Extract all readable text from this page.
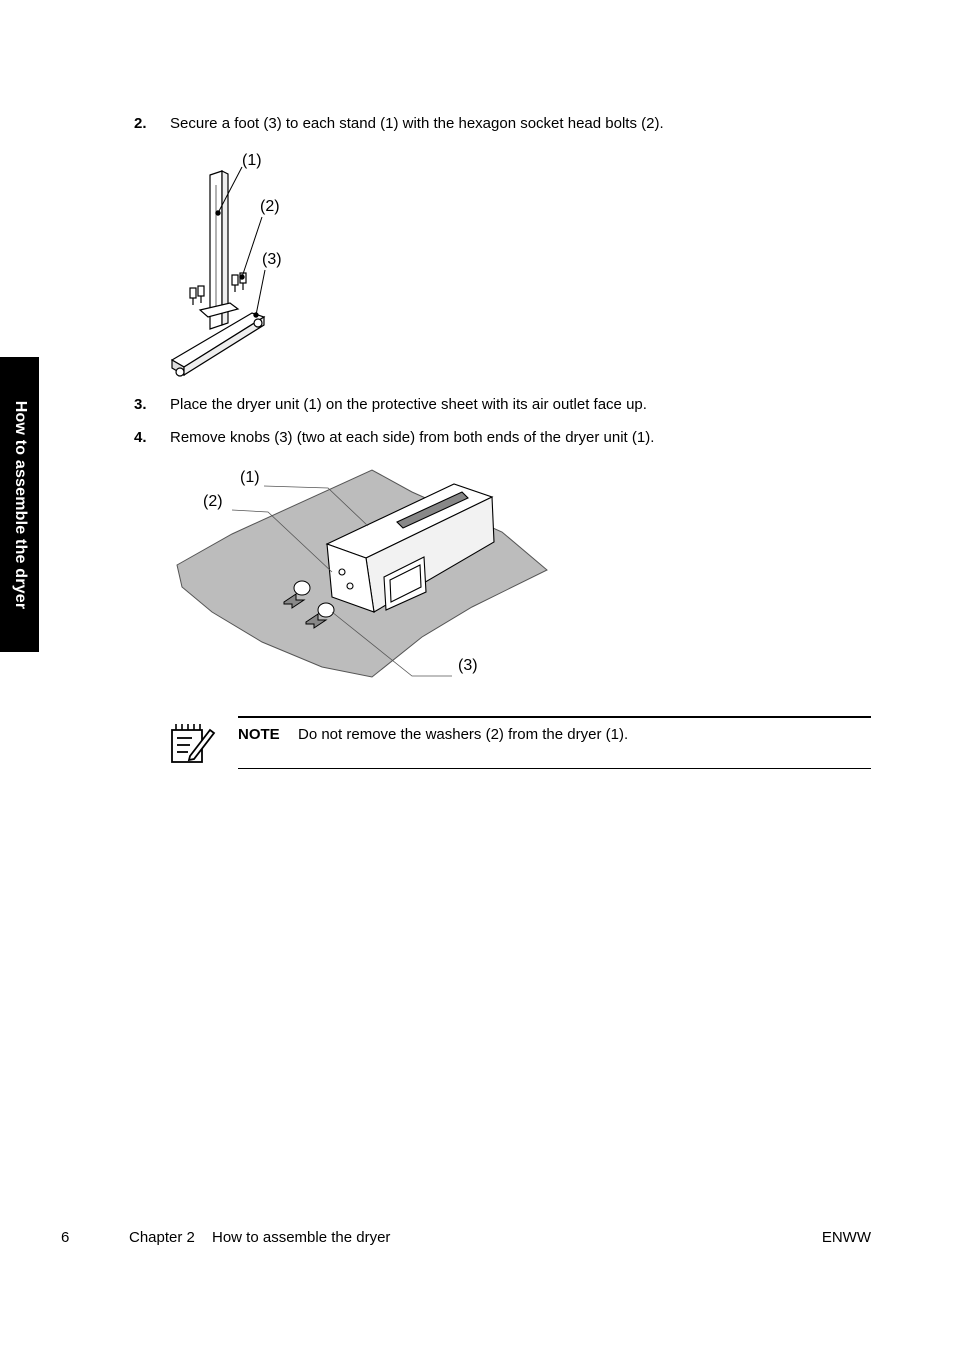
How to assemble the dryer
2. Secure a foot (3) to each stand (1) with the hexagon socket head bolts (2).
(1)
(2)
(3)
3. Place the dryer unit (1) on the protective sheet with its air outlet face up.
4. Remove knobs (3) (two at each side) from both ends of the dryer unit (1).
(1)
(2)
(3)
NOTE Do not remove the washers (2) from the dryer (1).
6	Chapter 2 How to assemble the dryer	ENWW
